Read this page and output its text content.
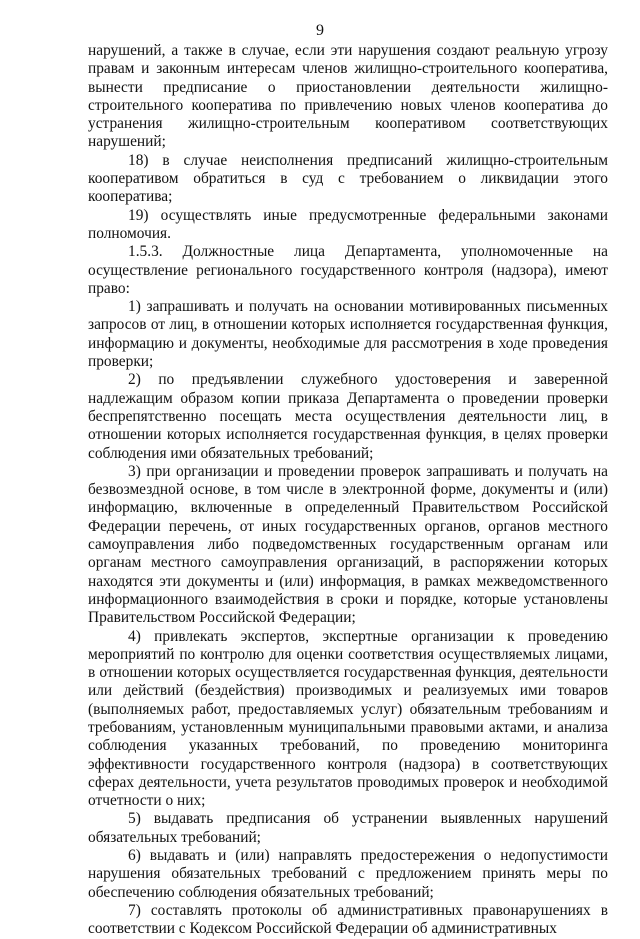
9

нарушений, а также в случае, если эти нарушения создают реальную угрозу правам и законным интересам членов жилищно-строительного кооператива, вынести предписание о приостановлении деятельности жилищно-строительного кооператива по привлечению новых членов кооператива до устранения жилищно-строительным кооперативом соответствующих нарушений;

18) в случае неисполнения предписаний жилищно-строительным кооперативом обратиться в суд с требованием о ликвидации этого кооператива;

19) осуществлять иные предусмотренные федеральными законами полномочия.

1.5.3. Должностные лица Департамента, уполномоченные на осуществление регионального государственного контроля (надзора), имеют право:

1) запрашивать и получать на основании мотивированных письменных запросов от лиц, в отношении которых исполняется государственная функция, информацию и документы, необходимые для рассмотрения в ходе проведения проверки;

2) по предъявлении служебного удостоверения и заверенной надлежащим образом копии приказа Департамента о проведении проверки беспрепятственно посещать места осуществления деятельности лиц, в отношении которых исполняется государственная функция, в целях проверки соблюдения ими обязательных требований;

3) при организации и проведении проверок запрашивать и получать на безвозмездной основе, в том числе в электронной форме, документы и (или) информацию, включенные в определенный Правительством Российской Федерации перечень, от иных государственных органов, органов местного самоуправления либо подведомственных государственным органам или органам местного самоуправления организаций, в распоряжении которых находятся эти документы и (или) информация, в рамках межведомственного информационного взаимодействия в сроки и порядке, которые установлены Правительством Российской Федерации;

4) привлекать экспертов, экспертные организации к проведению мероприятий по контролю для оценки соответствия осуществляемых лицами, в отношении которых осуществляется государственная функция, деятельности или действий (бездействия) производимых и реализуемых ими товаров (выполняемых работ, предоставляемых услуг) обязательным требованиям и требованиям, установленным муниципальными правовыми актами, и анализа соблюдения указанных требований, по проведению мониторинга эффективности государственного контроля (надзора) в соответствующих сферах деятельности, учета результатов проводимых проверок и необходимой отчетности о них;

5) выдавать предписания об устранении выявленных нарушений обязательных требований;

6) выдавать и (или) направлять предостережения о недопустимости нарушения обязательных требований с предложением принять меры по обеспечению соблюдения обязательных требований;

7) составлять протоколы об административных правонарушениях в соответствии с Кодексом Российской Федерации об административных
